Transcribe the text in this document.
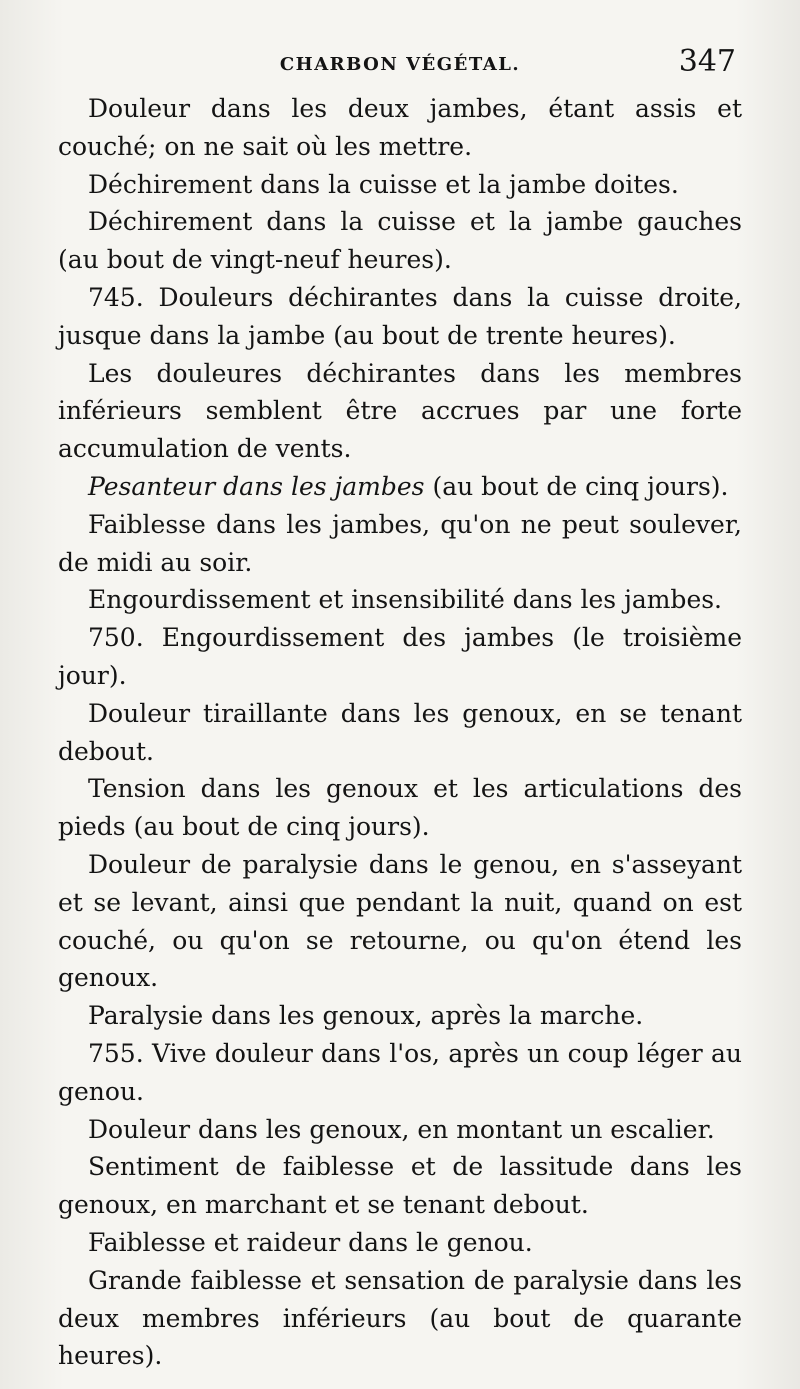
CHARBON VÉGÉTAL.	347

Douleur dans les deux jambes, étant assis et couché; on ne sait où les mettre.

Déchirement dans la cuisse et la jambe doites.

Déchirement dans la cuisse et la jambe gauches (au bout de vingt-neuf heures).

745. Douleurs déchirantes dans la cuisse droite, jusque dans la jambe (au bout de trente heures).

Les douleures déchirantes dans les membres inférieurs semblent être accrues par une forte accumulation de vents.

Pesanteur dans les jambes (au bout de cinq jours).

Faiblesse dans les jambes, qu'on ne peut soulever, de midi au soir.

Engourdissement et insensibilité dans les jambes.

750. Engourdissement des jambes (le troisième jour).

Douleur tiraillante dans les genoux, en se tenant debout.

Tension dans les genoux et les articulations des pieds (au bout de cinq jours).

Douleur de paralysie dans le genou, en s'asseyant et se levant, ainsi que pendant la nuit, quand on est couché, ou qu'on se retourne, ou qu'on étend les genoux.

Paralysie dans les genoux, après la marche.

755. Vive douleur dans l'os, après un coup léger au genou.

Douleur dans les genoux, en montant un escalier.

Sentiment de faiblesse et de lassitude dans les genoux, en marchant et se tenant debout.

Faiblesse et raideur dans le genou.

Grande faiblesse et sensation de paralysie dans les deux membres inférieurs (au bout de quarante heures).
